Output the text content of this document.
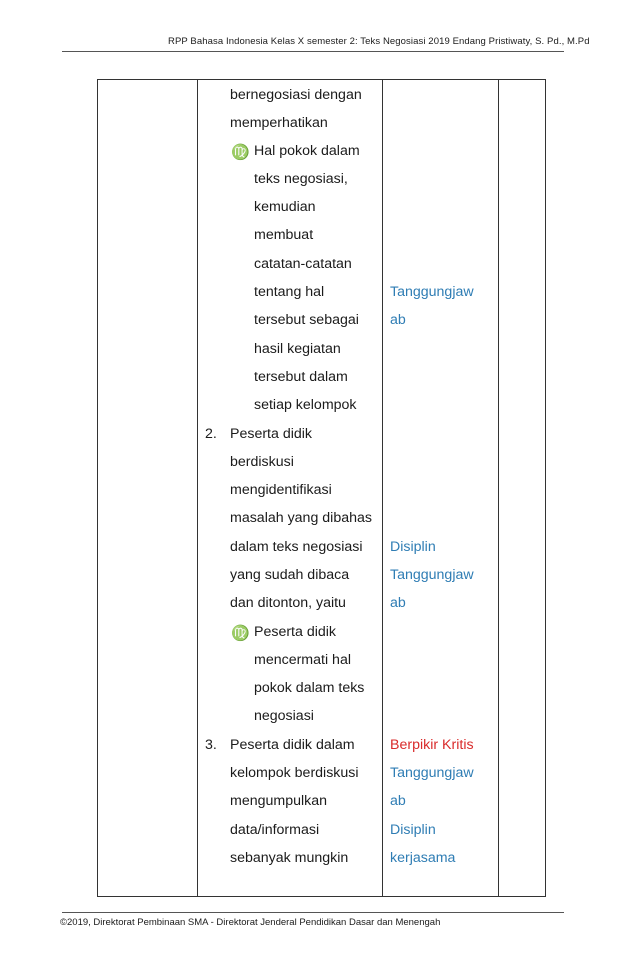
RPP Bahasa Indonesia Kelas X semester 2: Teks Negosiasi 2019 Endang Pristiwaty, S. Pd., M.Pd
bernegosiasi dengan
memperhatikan
♍ Hal pokok dalam
teks negosiasi,
kemudian
membuat
catatan-catatan
tentang hal
tersebut sebagai
hasil kegiatan
tersebut dalam
setiap kelompok
2. Peserta didik
berdiskusi
mengidentifikasi
masalah yang dibahas
dalam teks negosiasi
yang sudah dibaca
dan ditonton, yaitu
♍ Peserta didik
mencermati hal
pokok dalam teks
negosiasi
3. Peserta didik dalam
kelompok berdiskusi
mengumpulkan
data/informasi
sebanyak mungkin
Tanggungjaw
ab
Disiplin
Tanggungjaw
ab
Berpikir Kritis
Tanggungjaw
ab
Disiplin
kerjasama
©2019, Direktorat Pembinaan SMA - Direktorat Jenderal Pendidikan Dasar dan Menengah
